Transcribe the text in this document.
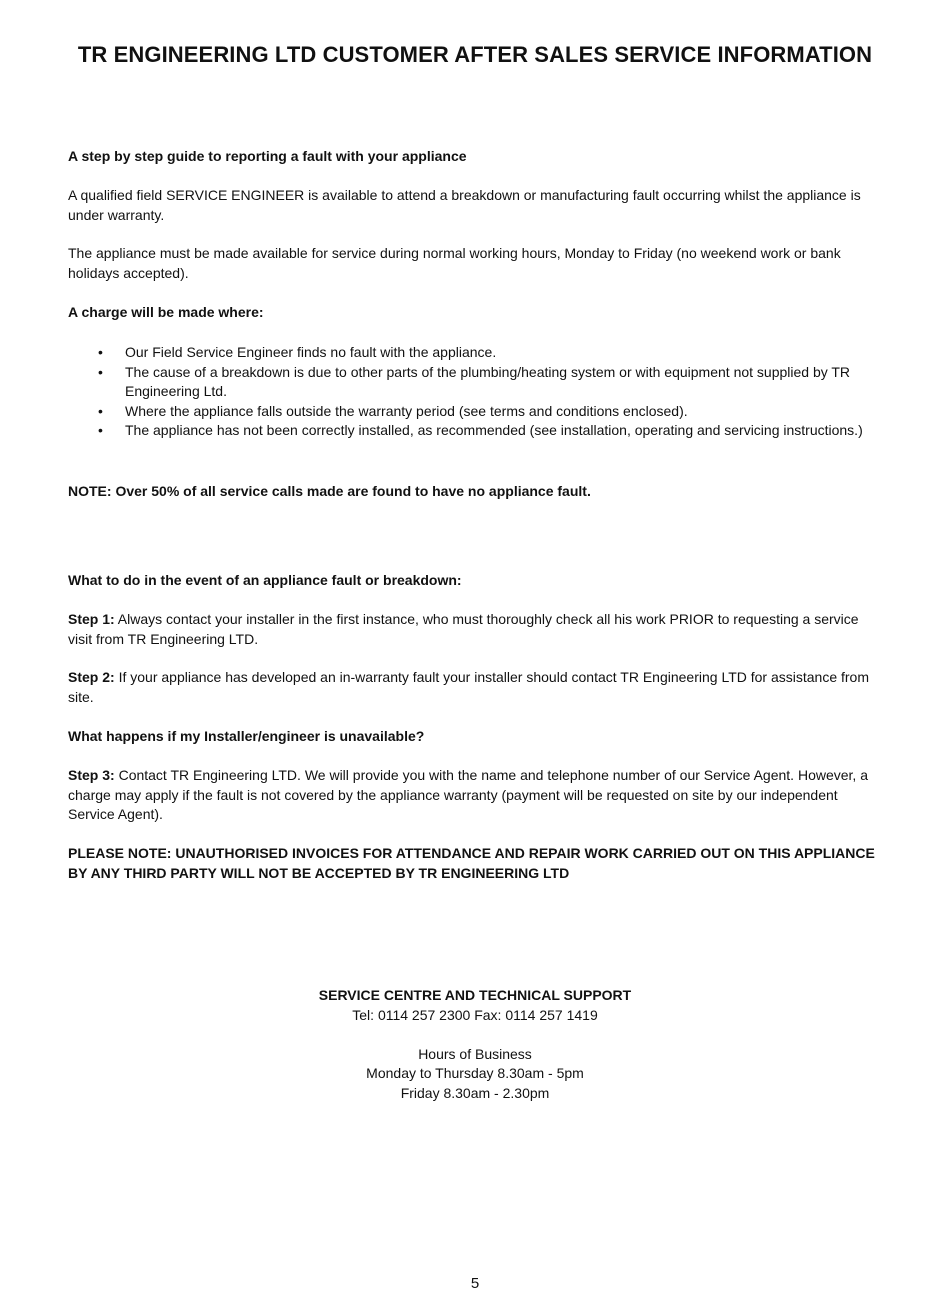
TR ENGINEERING LTD CUSTOMER AFTER SALES SERVICE INFORMATION

A step by step guide to reporting a fault with your appliance

A qualified field SERVICE ENGINEER is available to attend a breakdown or manufacturing fault occurring whilst the appliance is under warranty.

The appliance must be made available for service during normal working hours, Monday to Friday (no weekend work or bank holidays accepted).

A charge will be made where:

• Our Field Service Engineer finds no fault with the appliance.
• The cause of a breakdown is due to other parts of the plumbing/heating system or with equipment not supplied by TR Engineering Ltd.
• Where the appliance falls outside the warranty period (see terms and conditions enclosed).
• The appliance has not been correctly installed, as recommended (see installation, operating and servicing instructions.)

NOTE: Over 50% of all service calls made are found to have no appliance fault.

What to do in the event of an appliance fault or breakdown:

Step 1: Always contact your installer in the first instance, who must thoroughly check all his work PRIOR to requesting a service visit from TR Engineering LTD.

Step 2: If your appliance has developed an in-warranty fault your installer should contact TR Engineering LTD for assistance from site.

What happens if my Installer/engineer is unavailable?

Step 3: Contact TR Engineering LTD. We will provide you with the name and telephone number of our Service Agent. However, a charge may apply if the fault is not covered by the appliance warranty (payment will be requested on site by our independent Service Agent).

PLEASE NOTE: UNAUTHORISED INVOICES FOR ATTENDANCE AND REPAIR WORK CARRIED OUT ON THIS APPLIANCE BY ANY THIRD PARTY WILL NOT BE ACCEPTED BY TR ENGINEERING LTD

SERVICE CENTRE AND TECHNICAL SUPPORT
Tel: 0114 257 2300 Fax: 0114 257 1419
Hours of Business
Monday to Thursday 8.30am - 5pm
Friday 8.30am - 2.30pm
5
